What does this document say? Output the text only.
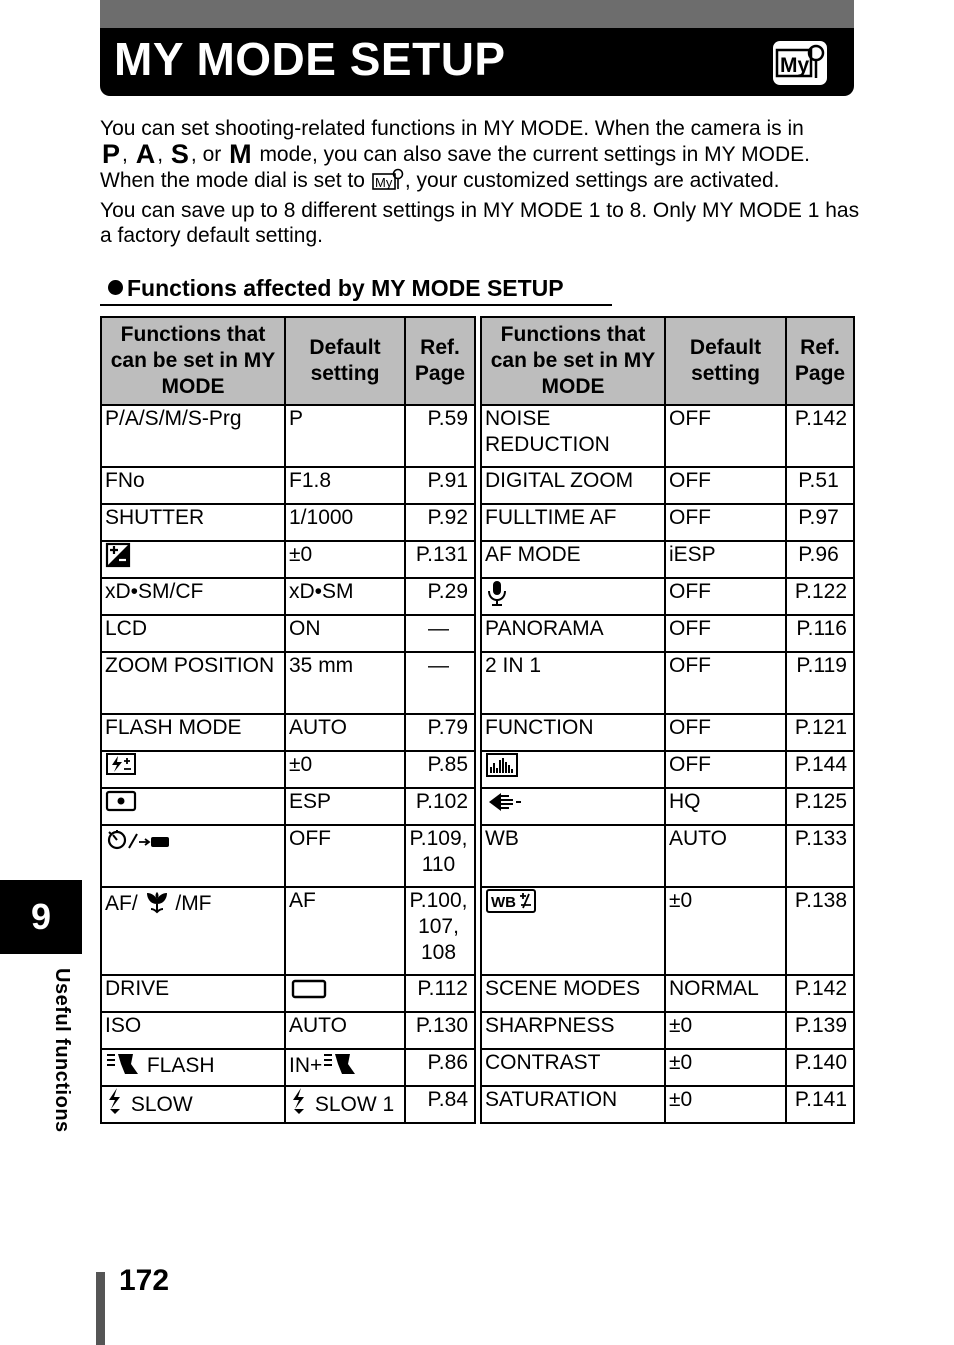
MY MODE SETUP	My

You can set shooting-related functions in MY MODE. When the camera is in
P, A, S, or M mode, you can also save the current settings in MY MODE.

When the mode dial is set to My , your customized settings are activated.

You can save up to 8 different settings in MY MODE 1 to 8. Only MY MODE 1 has a factory default setting.

Functions affected by MY MODE SETUP
Functions that can be set in MY MODE	Default setting	Ref. Page
P/A/S/M/S-Prg	P	P.59
FNo	F1.8	P.91
SHUTTER	1/1000	P.92
	±0	P.131
xD•SM/CF	xD•SM	P.29
LCD	ON	—
ZOOM POSITION	35 mm	—
FLASH MODE	AUTO	P.79
	±0	P.85
	ESP	P.102
	OFF	P.109, 110
AF/ /MF	AF	P.100, 107, 108
DRIVE		P.112
ISO	AUTO	P.130
FLASH	IN+	P.86
SLOW	SLOW 1	P.84
Functions that can be set in MY MODE	Default setting	Ref. Page
NOISE REDUCTION	OFF	P.142
DIGITAL ZOOM	OFF	P.51
FULLTIME AF	OFF	P.97
AF MODE	iESP	P.96
	OFF	P.122
PANORAMA	OFF	P.116
2 IN 1	OFF	P.119
FUNCTION	OFF	P.121
	OFF	P.144
	HQ	P.125
WB	AUTO	P.133

WB	±0	P.138
SCENE MODES	NORMAL	P.142
SHARPNESS	±0	P.139
CONTRAST	±0	P.140
SATURATION	±0	P.141
9
Useful functions
172
